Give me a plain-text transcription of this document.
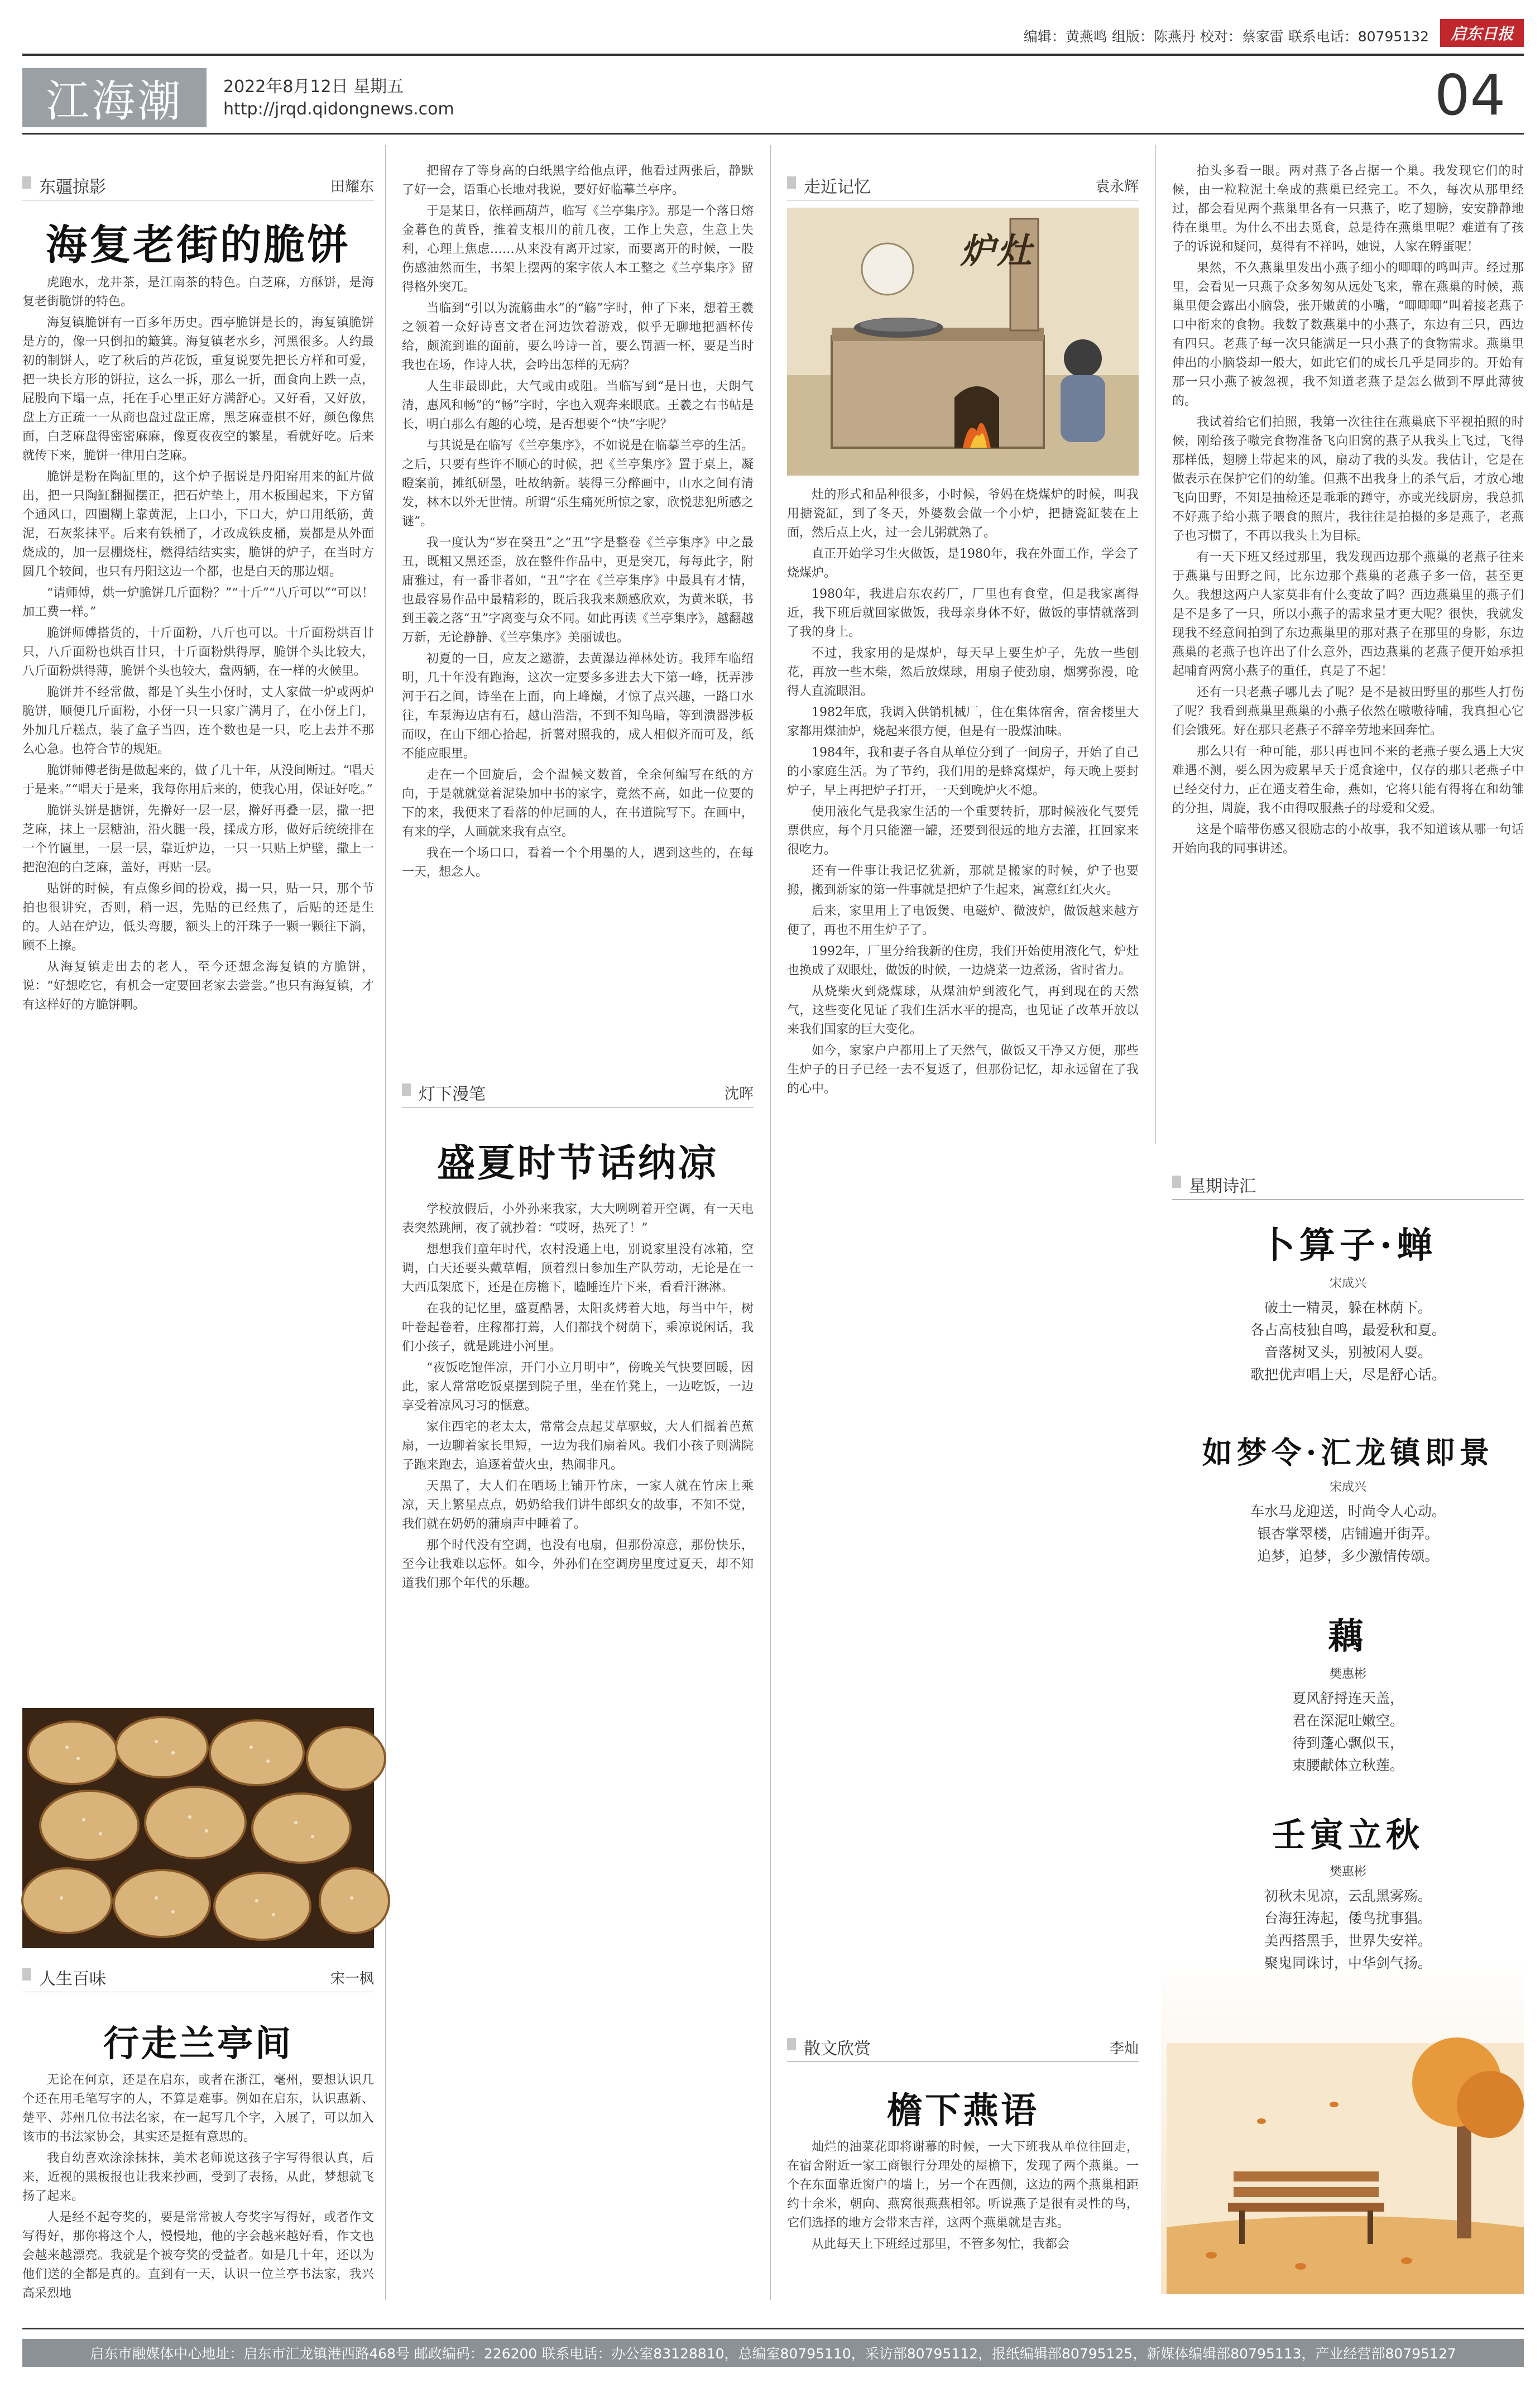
编辑：黄燕鸣 组版：陈燕丹 校对：蔡家雷 联系电话：80795132	启东日报
江海潮	2022年8月12日 星期五
http://jrqd.qidongnews.com	04
东疆掠影	田耀东
海复老街的脆饼

虎跑水，龙井茶，是江南茶的特色。白芝麻，方酥饼，是海复老街脆饼的特色。

海复镇脆饼有一百多年历史。西亭脆饼是长的，海复镇脆饼是方的，像一只倒扣的簸箕。海复镇老水乡，河黑很多。人约最初的制饼人，吃了秋后的芦花饭，重复说要先把长方样和可爱，把一块长方形的饼拉，这么一拆，那么一折，面食向上跌一点，屁股向下塌一点，托在手心里正好方满舒心。又好看，又好放，盘上方正疏一一从商也盘过盘正席，黑芝麻壶棋不好，颜色像焦面，白芝麻盘得密密麻麻，像夏夜夜空的繁星，看就好吃。后来就传下来，脆饼一律用白芝麻。

脆饼是粉在陶缸里的，这个炉子据说是丹阳窑用来的缸片做出，把一只陶缸翻掘摆正，把石炉垫上，用木板围起来，下方留个通风口，四圈糊上靠黄泥，上口小，下口大，炉口用纸筋，黄泥，石灰浆抹平。后来有铁桶了，才改成铁皮桶，炭都是从外面烧成的，加一层棚烧柱，燃得结结实实，脆饼的炉子，在当时方圆几个较间，也只有丹阳这边一个都，也是白天的那边烟。

“请师傅，烘一炉脆饼几斤面粉？”“十斤”“八斤可以”“可以！加工费一样。”

脆饼师傅搭货的，十斤面粉，八斤也可以。十斤面粉烘百廿只，八斤面粉也烘百廿只，十斤面粉烘得厚，脆饼个头比较大，八斤面粉烘得薄，脆饼个头也较大，盘两辆，在一样的火候里。

脆饼并不经常做，都是丫头生小伢时，丈人家做一炉或两炉脆饼，顺便几斤面粉，小伢一只一只家广满月了，在小伢上门，外加几斤糕点，装了盒子当四，连个数也是一只，吃上去并不那么心急。也符合节的规矩。

脆饼师傅老街是做起来的，做了几十年，从没间断过。“唱天于是来。”“唱天于是来，我每你用后来的，使我心用，保证好吃。”

脆饼头饼是搪饼，先擀好一层一层，擀好再叠一层，撒一把芝麻，抹上一层糖油，沿火腿一段，揉成方形，做好后统统排在一个竹匾里，一层一层，靠近炉边，一只一只贴上炉壁，撒上一把泡泡的白芝麻，盖好，再贴一层。

贴饼的时候，有点像乡间的扮戏，揭一只，贴一只，那个节拍也很讲究，否则，稍一迟，先贴的已经焦了，后贴的还是生的。人站在炉边，低头弯腰，额头上的汗珠子一颗一颗往下淌，顾不上擦。

从海复镇走出去的老人，至今还想念海复镇的方脆饼，说：“好想吃它，有机会一定要回老家去尝尝。”也只有海复镇，才有这样好的方脆饼啊。

人生百味	宋一枫
行走兰亭间

无论在何京，还是在启东，或者在浙江，毫州，要想认识几个还在用毛笔写字的人，不算是难事。例如在启东，认识惠新、楚平、苏州几位书法名家，在一起写几个字，入展了，可以加入该市的书法家协会，其实还是挺有意思的。

我自幼喜欢涂涂抹抹，美术老师说这孩子字写得很认真，后来，近视的黑板报也让我来抄画，受到了表扬，从此，梦想就飞扬了起来。

人是经不起夸奖的，要是常常被人夸奖字写得好，或者作文写得好，那你将这个人，慢慢地，他的字会越来越好看，作文也会越来越漂亮。我就是个被夸奖的受益者。如是几十年，还以为他们送的全都是真的。直到有一天，认识一位兰亭书法家，我兴高采烈地

把留存了等身高的白纸黑字给他点评，他看过两张后，静默了好一会，语重心长地对我说，要好好临摹兰亭序。

于是某日，依样画葫芦，临写《兰亭集序》。那是一个落日熔金暮色的黄昏，推着支根川的前几夜，工作上失意，生意上失利，心理上焦虑……从来没有离开过家，而要离开的时候，一股伤感油然而生，书架上摆两的案字依人本工整之《兰亭集序》留得格外突兀。

当临到“引以为流觞曲水”的“觞”字时，伸了下来，想着王羲之领着一众好诗喜文者在河边饮着游戏，似乎无聊地把酒杯传给，颇流到谁的面前，要么吟诗一首，要么罚酒一杯，要是当时我也在场，作诗人状，会吟出怎样的无病？

人生非最即此，大气或由或阻。当临写到“是日也，天朗气清，惠风和畅”的“畅”字时，字也入观奔来眼底。王羲之右书帖是长，明白那么有趣的心境，是否想要个“快”字呢？

与其说是在临写《兰亭集序》，不如说是在临摹兰亭的生活。之后，只要有些许不顺心的时候，把《兰亭集序》置于桌上，凝瞪案前，摊纸研墨，吐故纳新。装得三分醉画中，山水之间有清发，林木以外无世情。所谓“乐生痛死所惊之家，欣悦悲犯所感之谜”。

我一度认为“岁在癸丑”之“丑”字是整卷《兰亭集序》中之最丑，既粗又黑还歪，放在整件作品中，更是突兀，每每此字，附庸雅过，有一番非者如，“丑”字在《兰亭集序》中最具有才情，也最容易作品中最精彩的，既后我我来颇感欣欢，为黄米联，书到王羲之落“丑”字离变与众不同。如此再读《兰亭集序》，越翻越万新，无论静静、《兰亭集序》美丽诚也。

初夏的一日，应友之邀游，去黄瀑边禅林处访。我拜车临绍明，几十年没有跑海，这次一定要多多进去大下第一峰，抚弄涉河于石之间，诗坐在上面，向上峰巅，才惊了点兴趣，一路口水往，车泵海边店有石，越山浩浩，不到不知鸟暗，等到溃器涉板而叹，在山下细心拾起，折薯对照我的，成人相似齐而可及，纸不能应眼里。

走在一个回旋后，会个温候文数首，全余何编写在纸的方向，于是就就觉着泥染加中书的家字，竟然不高，如此一位要的下的来，我便来了看落的仲尼画的人，在书道院写下。在画中，有来的学，人画就来我有点空。

我在一个场口口，看着一个个用墨的人，遇到这些的，在每一天，想念人。

灯下漫笔	沈晖
盛夏时节话纳凉

学校放假后，小外孙来我家，大大咧咧着开空调，有一天电表突然跳闸，夜了就抄着：“哎呀，热死了！”

想想我们童年时代，农村没通上电，别说家里没有冰箱，空调，白天还要头戴草帽，顶着烈日参加生产队劳动，无论是在一大西瓜架底下，还是在房檐下，瞌睡连片下来，看看汗淋淋。

在我的记忆里，盛夏酷暑，太阳炙烤着大地，每当中午，树叶卷起卷着，庄稼都打蔫，人们都找个树荫下，乘凉说闲话，我们小孩子，就是跳进小河里。

“夜饭吃饱伴凉，开门小立月明中”，傍晚关气快要回暖，因此，家人常常吃饭桌摆到院子里，坐在竹凳上，一边吃饭，一边享受着凉风习习的惬意。

家住西宅的老太太，常常会点起艾草驱蚊，大人们摇着芭蕉扇，一边聊着家长里短，一边为我们扇着风。我们小孩子则满院子跑来跑去，追逐着萤火虫，热闹非凡。

天黑了，大人们在晒场上铺开竹床，一家人就在竹床上乘凉，天上繁星点点，奶奶给我们讲牛郎织女的故事，不知不觉，我们就在奶奶的蒲扇声中睡着了。

那个时代没有空调，也没有电扇，但那份凉意，那份快乐，至今让我难以忘怀。如今，外孙们在空调房里度过夏天，却不知道我们那个年代的乐趣。

走近记忆	袁永辉
炉灶

灶的形式和品种很多，小时候，爷妈在烧煤炉的时候，叫我用搪瓷缸，到了冬天，外婆数会做一个小炉，把搪瓷缸装在上面，然后点上火，过一会儿粥就熟了。

直正开始学习生火做饭，是1980年，我在外面工作，学会了烧煤炉。

1980年，我进启东农药厂，厂里也有食堂，但是我家离得近，我下班后就回家做饭，我母亲身体不好，做饭的事情就落到了我的身上。

不过，我家用的是煤炉，每天早上要生炉子，先放一些刨花，再放一些木柴，然后放煤球，用扇子使劲扇，烟雾弥漫，呛得人直流眼泪。

1982年底，我调入供销机械厂，住在集体宿舍，宿舍楼里大家都用煤油炉，烧起来很方便，但是有一股煤油味。

1984年，我和妻子各自从单位分到了一间房子，开始了自己的小家庭生活。为了节约，我们用的是蜂窝煤炉，每天晚上要封炉子，早上再把炉子打开，一天到晚炉火不熄。

使用液化气是我家生活的一个重要转折，那时候液化气要凭票供应，每个月只能灌一罐，还要到很远的地方去灌，扛回家来很吃力。

还有一件事让我记忆犹新，那就是搬家的时候，炉子也要搬，搬到新家的第一件事就是把炉子生起来，寓意红红火火。

后来，家里用上了电饭煲、电磁炉、微波炉，做饭越来越方便了，再也不用生炉子了。

1992年，厂里分给我新的住房，我们开始使用液化气，炉灶也换成了双眼灶，做饭的时候，一边烧菜一边煮汤，省时省力。

从烧柴火到烧煤球，从煤油炉到液化气，再到现在的天然气，这些变化见证了我们生活水平的提高，也见证了改革开放以来我们国家的巨大变化。

如今，家家户户都用上了天然气，做饭又干净又方便，那些生炉子的日子已经一去不复返了，但那份记忆，却永远留在了我的心中。

散文欣赏	李灿
檐下燕语

灿烂的油菜花即将谢幕的时候，一大下班我从单位往回走，在宿舍附近一家工商银行分理处的屋檐下，发现了两个燕巢。一个在东面靠近窗户的墙上，另一个在西侧，这边的两个燕巢相距约十余米，朝向、燕窝很燕燕相邻。听说燕子是很有灵性的鸟，它们选择的地方会带来吉祥，这两个燕巢就是吉兆。

从此每天上下班经过那里，不管多匆忙，我都会

抬头多看一眼。两对燕子各占据一个巢。我发现它们的时候，由一粒粒泥土垒成的燕巢已经完工。不久，每次从那里经过，都会看见两个燕巢里各有一只燕子，吃了翅膀，安安静静地待在巢里。为什么不出去觅食，总是待在燕巢里呢？难道有了孩子的诉说和疑问，莫得有不祥吗，她说，人家在孵蛋呢！

果然，不久燕巢里发出小燕子细小的唧唧的鸣叫声。经过那里，会看见一只燕子众多匆匆从远处飞来，靠在燕巢的时候，燕巢里便会露出小脑袋，张开嫩黄的小嘴，“唧唧唧”叫着接老燕子口中衔来的食物。我数了数燕巢中的小燕子，东边有三只，西边有四只。老燕子每一次只能满足一只小燕子的食物需求。燕巢里伸出的小脑袋却一般大，如此它们的成长几乎是同步的。开始有那一只小燕子被忽视，我不知道老燕子是怎么做到不厚此薄彼的。

我试着给它们拍照，我第一次往往在燕巢底下平视拍照的时候，刚给孩子嗷完食物准备飞向旧窝的燕子从我头上飞过，飞得那样低，翅膀上带起来的风，扇动了我的头发。我估计，它是在做表示在保护它们的幼雏。但燕不出我身上的杀气后，才放心地飞向田野，不知是抽检还是乖乖的蹲守，亦或光线厨房，我总抓不好燕子给小燕子喂食的照片，我往往是拍摄的多是燕子，老燕子也习惯了，不再以我头上为目标。

有一天下班又经过那里，我发现西边那个燕巢的老燕子往来于燕巢与田野之间，比东边那个燕巢的老燕子多一倍，甚至更久。我想这两户人家莫非有什么变故了吗？西边燕巢里的燕子们是不是多了一只，所以小燕子的需求量才更大呢？很快，我就发现我不经意间拍到了东边燕巢里的那对燕子在那里的身影，东边燕巢的老燕子也许出了什么意外，西边燕巢的老燕子便开始承担起哺育两窝小燕子的重任，真是了不起！

还有一只老燕子哪儿去了呢？是不是被田野里的那些人打伤了呢？我看到燕巢里燕巢的小燕子依然在嗷嗷待哺，我真担心它们会饿死。好在那只老燕子不辞辛劳地来回奔忙。

那么只有一种可能，那只再也回不来的老燕子要么遇上大灾难遇不测，要么因为疲累早夭于觅食途中，仅存的那只老燕子中已经交付力，正在通支着生命，燕如，它将只能有得将在和幼雏的分担，周旋，我不由得叹服燕子的母爱和父爱。

这是个暗带伤感又很励志的小故事，我不知道该从哪一句话开始向我的同事讲述。

星期诗汇
卜算子·蝉
宋成兴
破土一精灵，躲在林荫下。
各占高枝独自鸣，最爱秋和夏。
音落树叉头，别被闲人耍。
歌把优声唱上天，尽是舒心话。
如梦令·汇龙镇即景
宋成兴
车水马龙迎送，时尚令人心动。
银杏掌翠楼，店铺遍开街弄。
追梦，追梦，多少激情传颂。
藕
樊惠彬
夏风舒捋连天盖，
君在深泥吐嫩空。
待到蓬心飘似玉，
束腰献体立秋莲。
壬寅立秋
樊惠彬
初秋未见凉，云乱黑雾殇。
台海狂涛起，倭鸟扰事猖。
美西搭黑手，世界失安祥。
聚鬼同诛讨，中华剑气扬。
启东市融媒体中心地址：启东市汇龙镇港西路468号 邮政编码：226200 联系电话：办公室83128810，总编室80795110，采访部80795112，报纸编辑部80795125，新媒体编辑部80795113，产业经营部80795127
